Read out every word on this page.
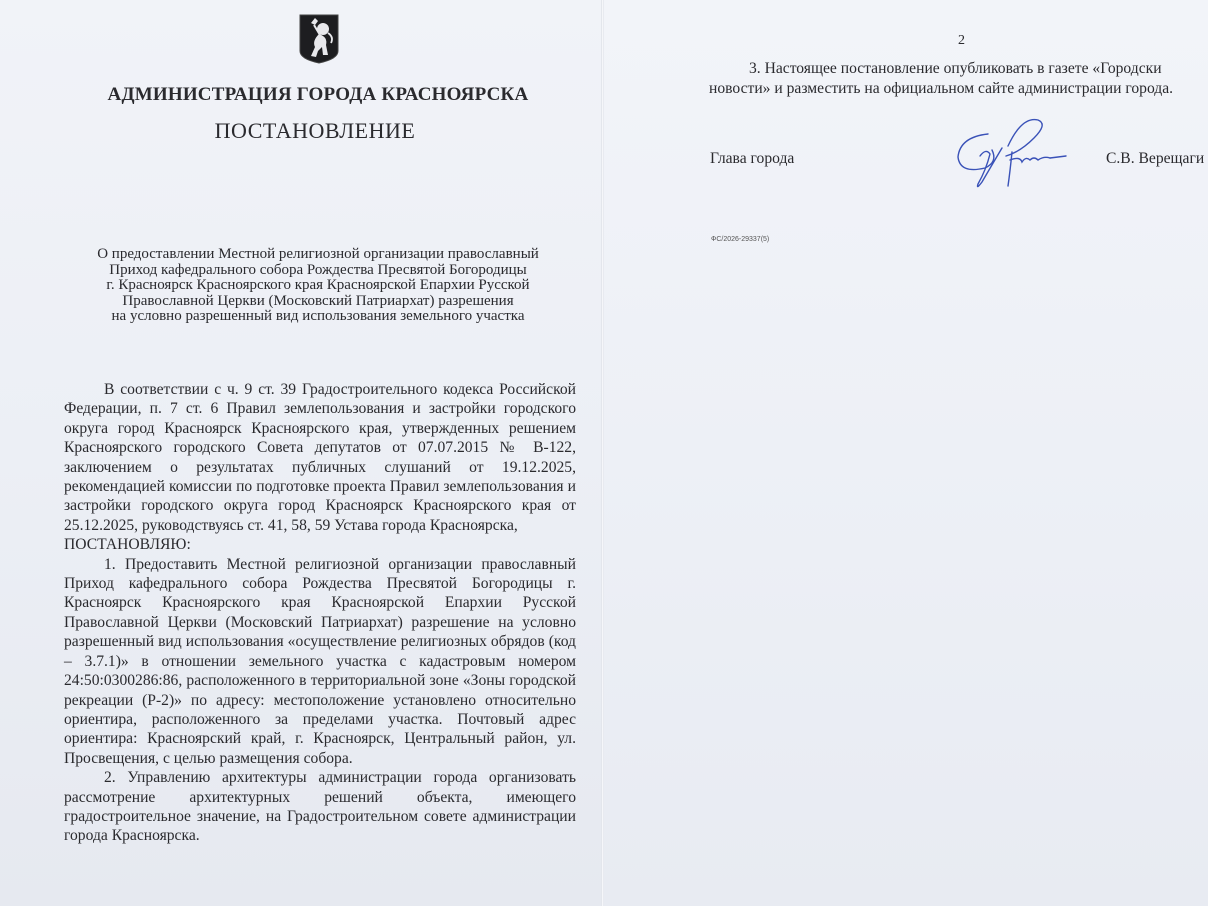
АДМИНИСТРАЦИЯ ГОРОДА КРАСНОЯРСКА
ПОСТАНОВЛЕНИЕ
О предоставлении Местной религиозной организации православный
Приход кафедрального собора Рождества Пресвятой Богородицы
г. Красноярск Красноярского края Красноярской Епархии Русской
Православной Церкви (Московский Патриархат) разрешения
на условно разрешенный вид использования земельного участка

В соответствии с ч. 9 ст. 39 Градостроительного кодекса Российской Федерации, п. 7 ст. 6 Правил землепользования и застройки городского округа город Красноярск Красноярского края, утвержденных решением Красноярского городского Совета депутатов от 07.07.2015 № В-122, заключением о результатах публичных слушаний от 19.12.2025, рекомендацией комиссии по подготовке проекта Правил землепользования и застройки городского округа город Красноярск Красноярского края от 25.12.2025, руководствуясь ст. 41, 58, 59 Устава города Красноярска,

ПОСТАНОВЛЯЮ:

1. Предоставить Местной религиозной организации православный Приход кафедрального собора Рождества Пресвятой Богородицы г. Красноярск Красноярского края Красноярской Епархии Русской Православной Церкви (Московский Патриархат) разрешение на условно разрешенный вид использования «осуществление религиозных обрядов (код – 3.7.1)» в отношении земельного участка с кадастровым номером 24:50:0300286:86, расположенного в территориальной зоне «Зоны городской рекреации (Р-2)» по адресу: местоположение установлено относительно ориентира, расположенного за пределами участка. Почтовый адрес ориентира: Красноярский край, г. Красноярск, Центральный район, ул. Просвещения, с целью размещения собора.

2. Управлению архитектуры администрации города организовать рассмотрение архитектурных решений объекта, имеющего градостроительное значение, на Градостроительном совете администрации города Красноярска.

2

3. Настоящее постановление опубликовать в газете «Городски

новости» и разместить на официальном сайте администрации города.

Глава города	С.В. Верещаги
ФС/2026-29337(5)
